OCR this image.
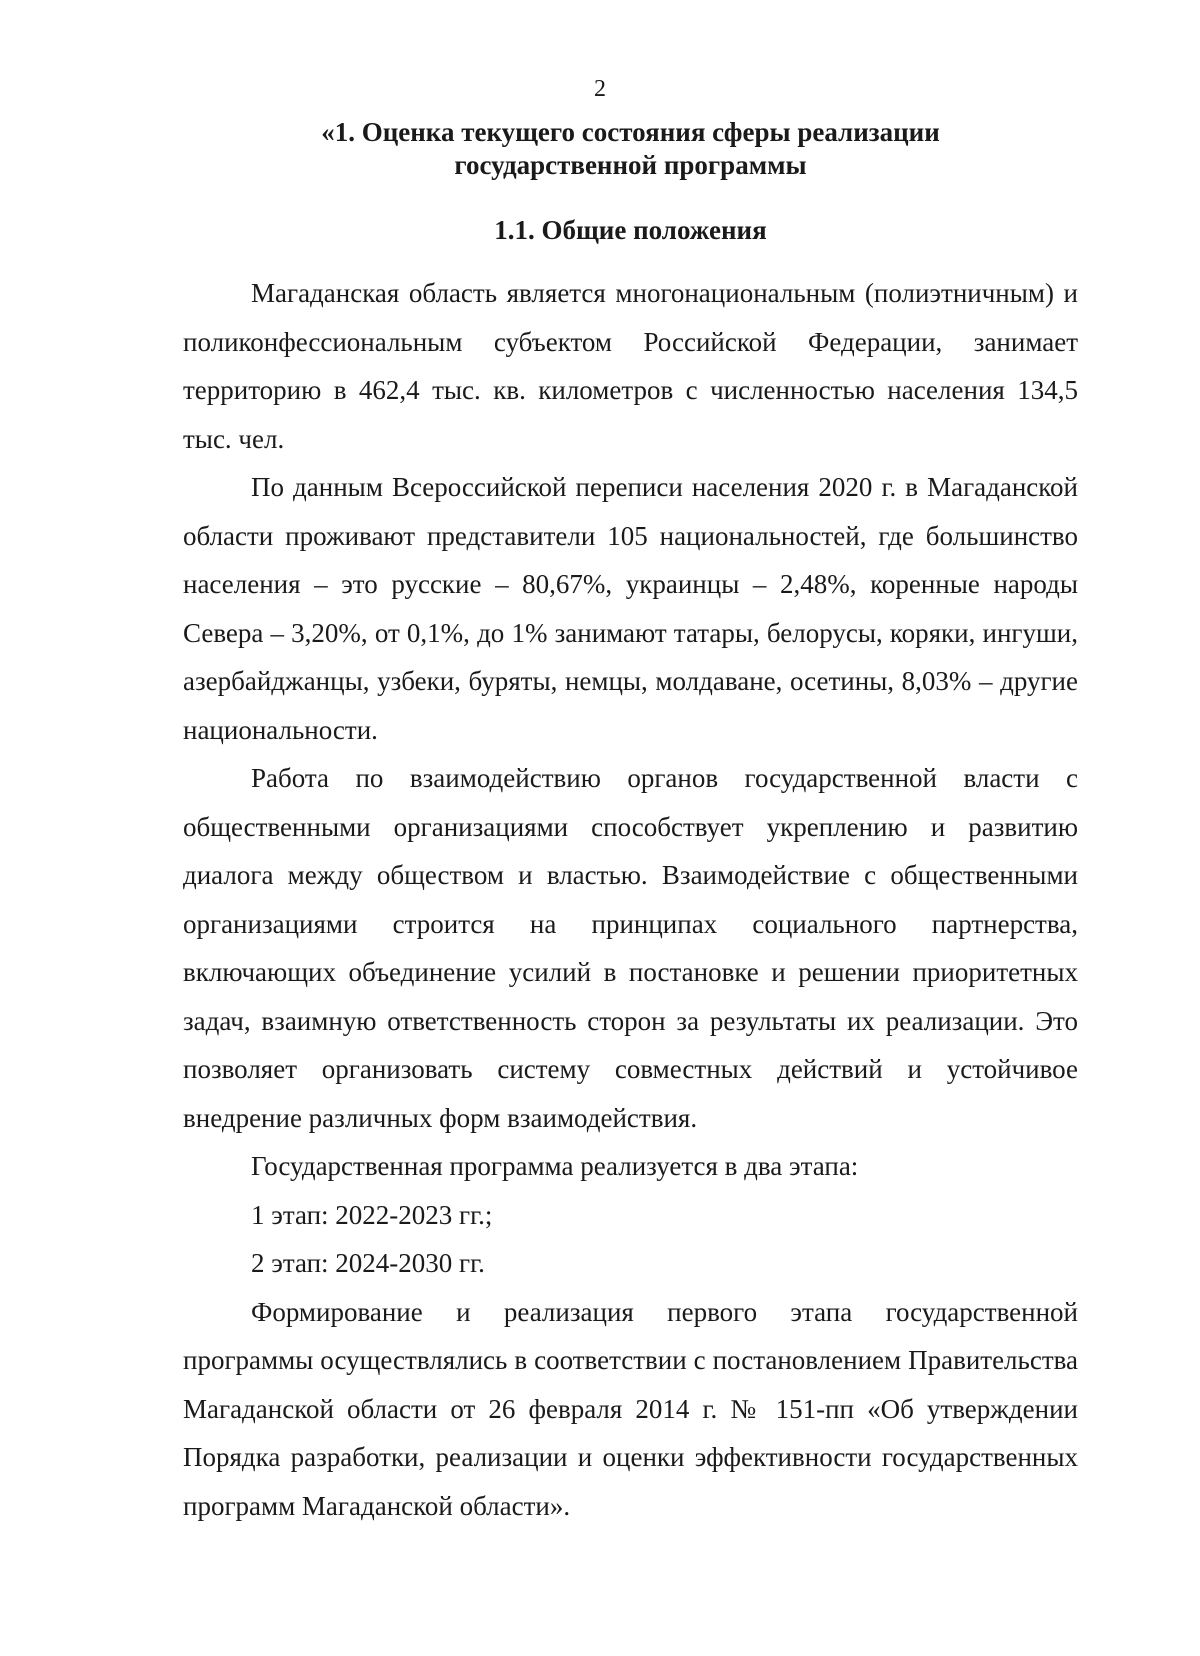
2
«1. Оценка текущего состояния сферы реализации
государственной программы
1.1. Общие положения

Магаданская область является многонациональным (полиэтничным) и поликонфессиональным субъектом Российской Федерации, занимает территорию в 462,4 тыс. кв. километров с численностью населения 134,5 тыс. чел.

По данным Всероссийской переписи населения 2020 г. в Магаданской области проживают представители 105 национальностей, где большинство населения – это русские – 80,67%, украинцы – 2,48%, коренные народы Севера – 3,20%, от 0,1%, до 1% занимают татары, белорусы, коряки, ингуши, азербайджанцы, узбеки, буряты, немцы, молдаване, осетины, 8,03% – другие национальности.

Работа по взаимодействию органов государственной власти с общественными организациями способствует укреплению и развитию диалога между обществом и властью. Взаимодействие с общественными организациями строится на принципах социального партнерства, включающих объединение усилий в постановке и решении приоритетных задач, взаимную ответственность сторон за результаты их реализации. Это позволяет организовать систему совместных действий и устойчивое внедрение различных форм взаимодействия.

Государственная программа реализуется в два этапа:

1 этап: 2022-2023 гг.;

2 этап: 2024-2030 гг.

Формирование и реализация первого этапа государственной программы осуществлялись в соответствии с постановлением Правительства Магаданской области от 26 февраля 2014 г. № 151-пп «Об утверждении Порядка разработки, реализации и оценки эффективности государственных программ Магаданской области».
